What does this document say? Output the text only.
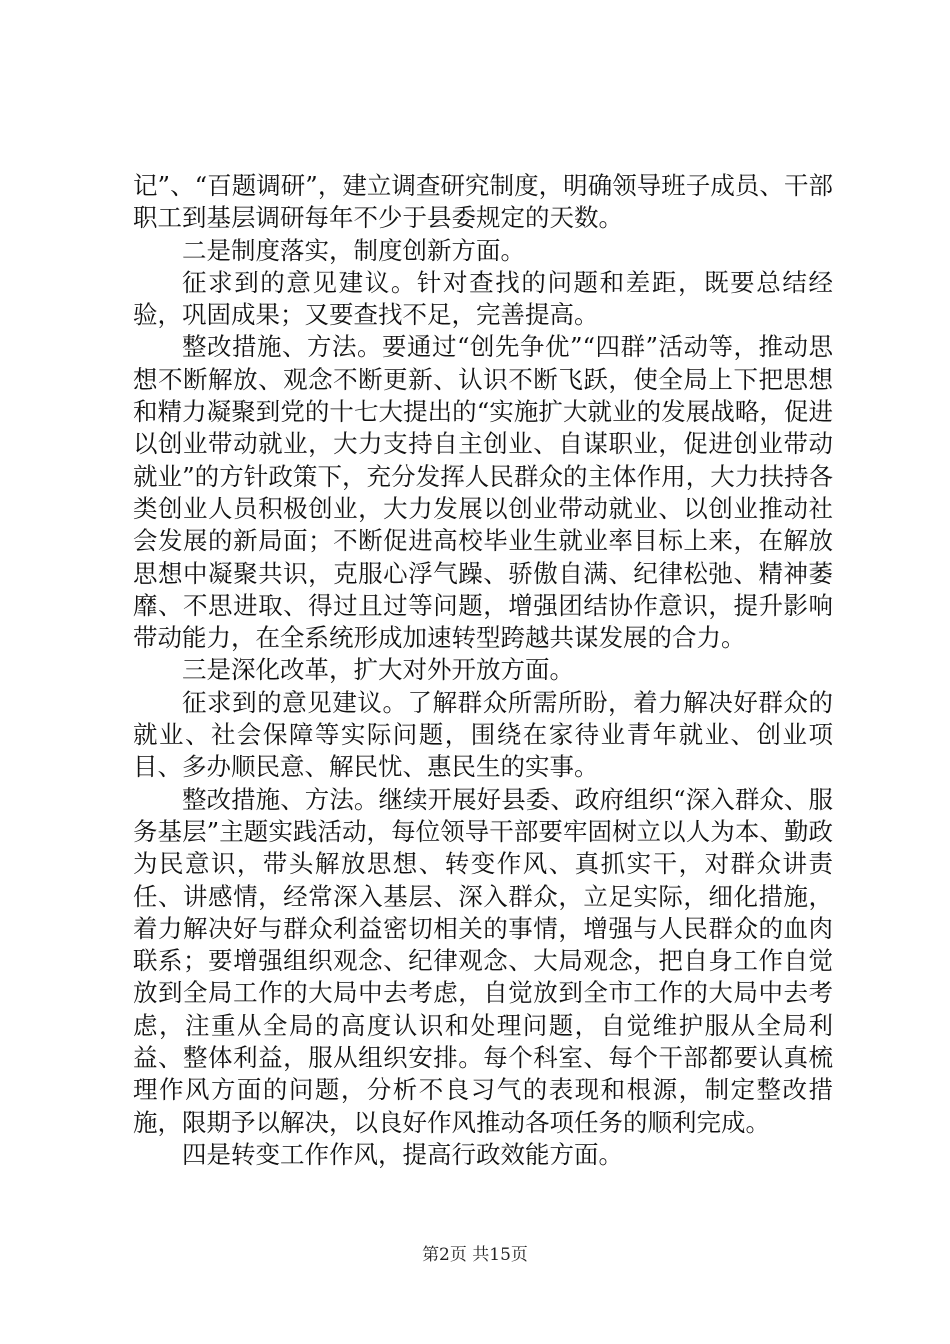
记”、“百题调研”，建立调查研究制度，明确领导班子成员、干部职工到基层调研每年不少于县委规定的天数。

二是制度落实，制度创新方面。

征求到的意见建议。针对查找的问题和差距，既要总结经验，巩固成果；又要查找不足，完善提高。

整改措施、方法。要通过“创先争优”“四群”活动等，推动思想不断解放、观念不断更新、认识不断飞跃，使全局上下把思想和精力凝聚到党的十七大提出的“实施扩大就业的发展战略，促进以创业带动就业，大力支持自主创业、自谋职业，促进创业带动就业”的方针政策下，充分发挥人民群众的主体作用，大力扶持各类创业人员积极创业，大力发展以创业带动就业、以创业推动社会发展的新局面；不断促进高校毕业生就业率目标上来，在解放思想中凝聚共识，克服心浮气躁、骄傲自满、纪律松弛、精神萎靡、不思进取、得过且过等问题，增强团结协作意识，提升影响带动能力，在全系统形成加速转型跨越共谋发展的合力。

三是深化改革，扩大对外开放方面。

征求到的意见建议。了解群众所需所盼，着力解决好群众的就业、社会保障等实际问题，围绕在家待业青年就业、创业项目、多办顺民意、解民忧、惠民生的实事。

整改措施、方法。继续开展好县委、政府组织“深入群众、服务基层”主题实践活动，每位领导干部要牢固树立以人为本、勤政为民意识，带头解放思想、转变作风、真抓实干，对群众讲责任、讲感情，经常深入基层、深入群众，立足实际，细化措施，着力解决好与群众利益密切相关的事情，增强与人民群众的血肉联系；要增强组织观念、纪律观念、大局观念，把自身工作自觉放到全局工作的大局中去考虑，自觉放到全市工作的大局中去考虑，注重从全局的高度认识和处理问题，自觉维护服从全局利益、整体利益，服从组织安排。每个科室、每个干部都要认真梳理作风方面的问题，分析不良习气的表现和根源，制定整改措施，限期予以解决，以良好作风推动各项任务的顺利完成。

四是转变工作作风，提高行政效能方面。

第2页 共15页
